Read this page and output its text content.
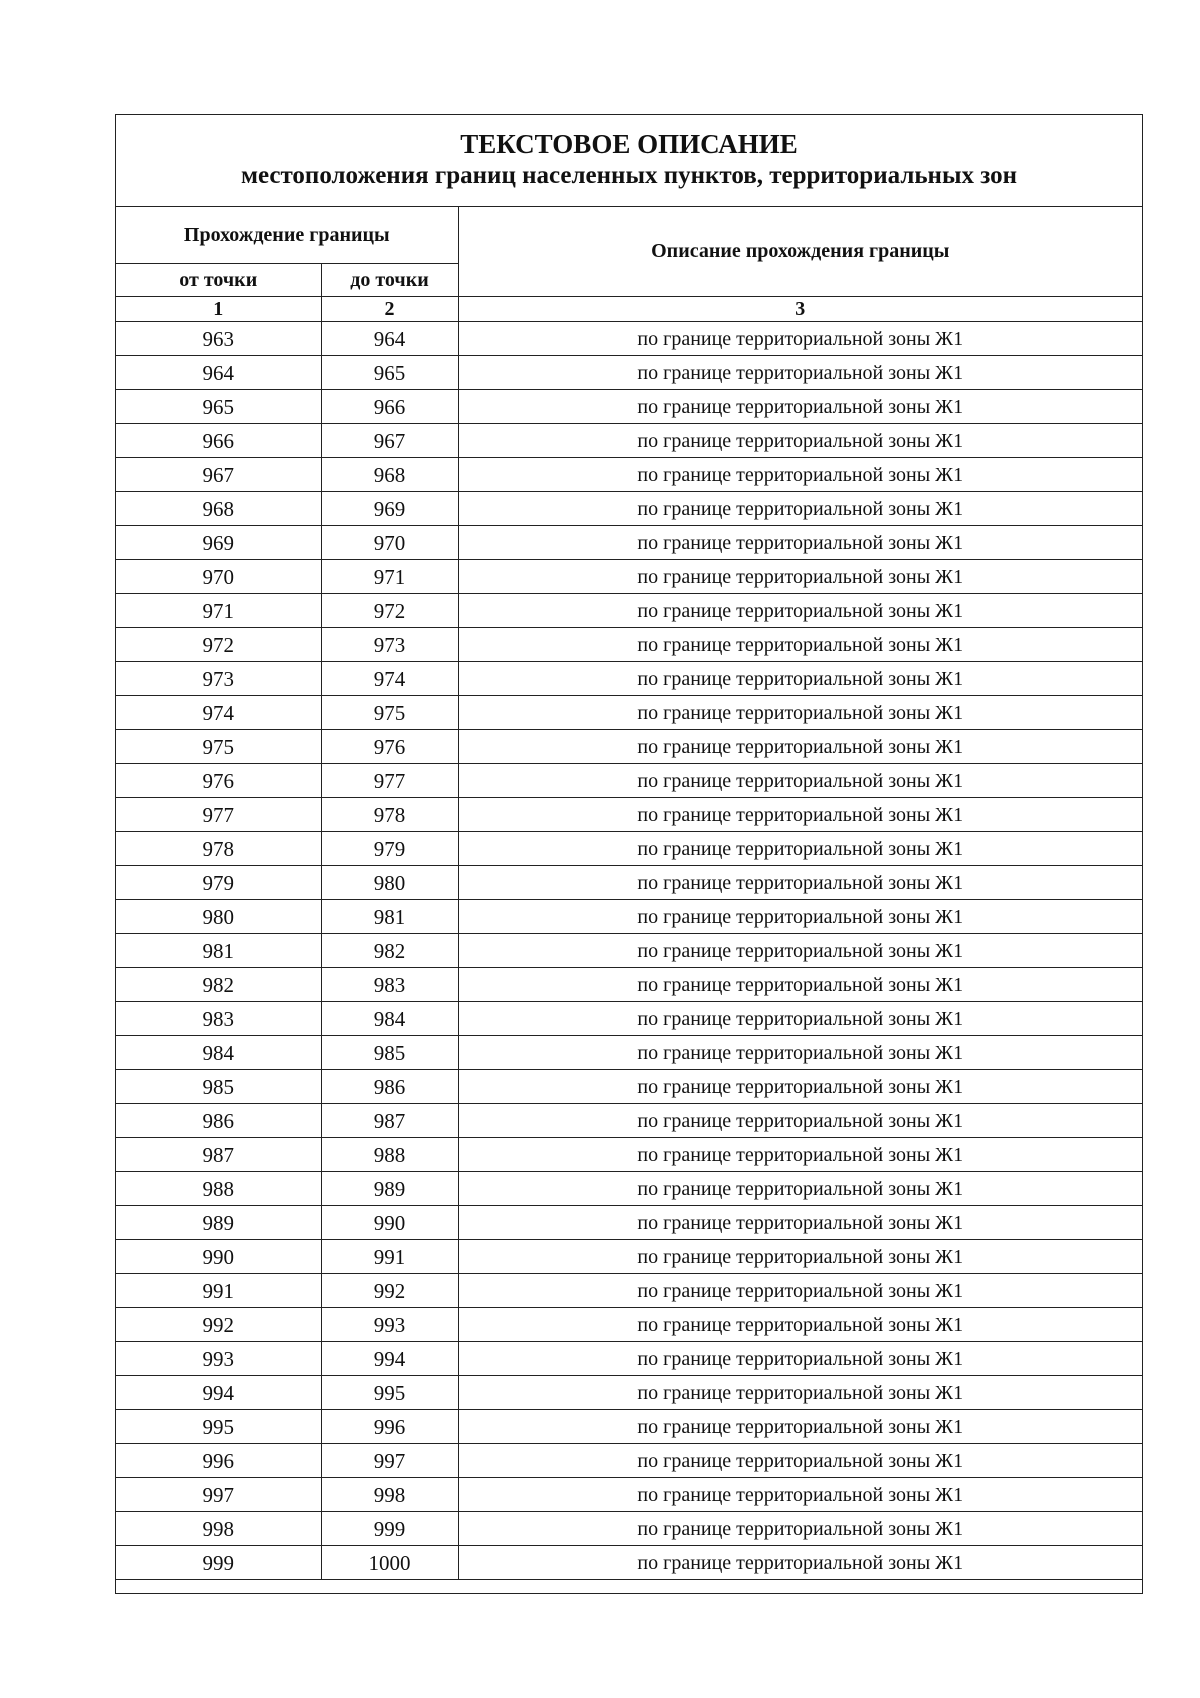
ТЕКСТОВОЕ ОПИСАНИЕ
местоположения границ населенных пунктов, территориальных зон
Прохождение границы		Описание прохождения границы
от точки	до точки	
1	2	3
963	964	по границе территориальной зоны Ж1
964	965	по границе территориальной зоны Ж1
965	966	по границе территориальной зоны Ж1
966	967	по границе территориальной зоны Ж1
967	968	по границе территориальной зоны Ж1
968	969	по границе территориальной зоны Ж1
969	970	по границе территориальной зоны Ж1
970	971	по границе территориальной зоны Ж1
971	972	по границе территориальной зоны Ж1
972	973	по границе территориальной зоны Ж1
973	974	по границе территориальной зоны Ж1
974	975	по границе территориальной зоны Ж1
975	976	по границе территориальной зоны Ж1
976	977	по границе территориальной зоны Ж1
977	978	по границе территориальной зоны Ж1
978	979	по границе территориальной зоны Ж1
979	980	по границе территориальной зоны Ж1
980	981	по границе территориальной зоны Ж1
981	982	по границе территориальной зоны Ж1
982	983	по границе территориальной зоны Ж1
983	984	по границе территориальной зоны Ж1
984	985	по границе территориальной зоны Ж1
985	986	по границе территориальной зоны Ж1
986	987	по границе территориальной зоны Ж1
987	988	по границе территориальной зоны Ж1
988	989	по границе территориальной зоны Ж1
989	990	по границе территориальной зоны Ж1
990	991	по границе территориальной зоны Ж1
991	992	по границе территориальной зоны Ж1
992	993	по границе территориальной зоны Ж1
993	994	по границе территориальной зоны Ж1
994	995	по границе территориальной зоны Ж1
995	996	по границе территориальной зоны Ж1
996	997	по границе территориальной зоны Ж1
997	998	по границе территориальной зоны Ж1
998	999	по границе территориальной зоны Ж1
999	1000	по границе территориальной зоны Ж1
